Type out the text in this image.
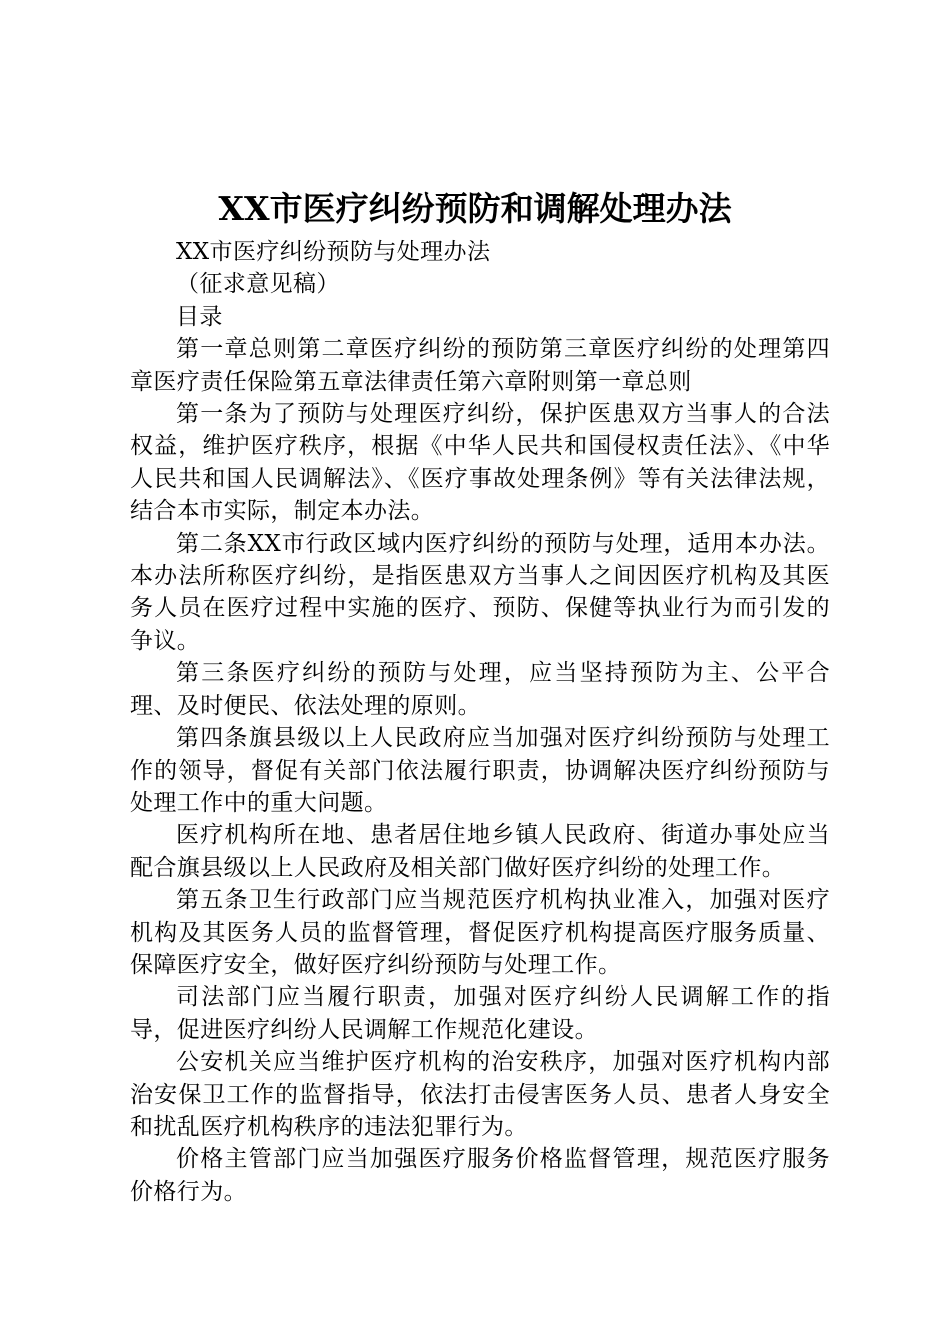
XX市医疗纠纷预防和调解处理办法

XX市医疗纠纷预防与处理办法

（征求意见稿）

目录

第一章总则第二章医疗纠纷的预防第三章医疗纠纷的处理第四章医疗责任保险第五章法律责任第六章附则第一章总则

第一条为了预防与处理医疗纠纷，保护医患双方当事人的合法权益，维护医疗秩序，根据《中华人民共和国侵权责任法》、《中华人民共和国人民调解法》、《医疗事故处理条例》等有关法律法规，结合本市实际，制定本办法。

第二条XX市行政区域内医疗纠纷的预防与处理，适用本办法。本办法所称医疗纠纷，是指医患双方当事人之间因医疗机构及其医务人员在医疗过程中实施的医疗、预防、保健等执业行为而引发的争议。

第三条医疗纠纷的预防与处理，应当坚持预防为主、公平合理、及时便民、依法处理的原则。

第四条旗县级以上人民政府应当加强对医疗纠纷预防与处理工作的领导，督促有关部门依法履行职责，协调解决医疗纠纷预防与处理工作中的重大问题。

医疗机构所在地、患者居住地乡镇人民政府、街道办事处应当配合旗县级以上人民政府及相关部门做好医疗纠纷的处理工作。

第五条卫生行政部门应当规范医疗机构执业准入，加强对医疗机构及其医务人员的监督管理，督促医疗机构提高医疗服务质量、保障医疗安全，做好医疗纠纷预防与处理工作。

司法部门应当履行职责，加强对医疗纠纷人民调解工作的指导，促进医疗纠纷人民调解工作规范化建设。

公安机关应当维护医疗机构的治安秩序，加强对医疗机构内部治安保卫工作的监督指导，依法打击侵害医务人员、患者人身安全和扰乱医疗机构秩序的违法犯罪行为。

价格主管部门应当加强医疗服务价格监督管理，规范医疗服务价格行为。
